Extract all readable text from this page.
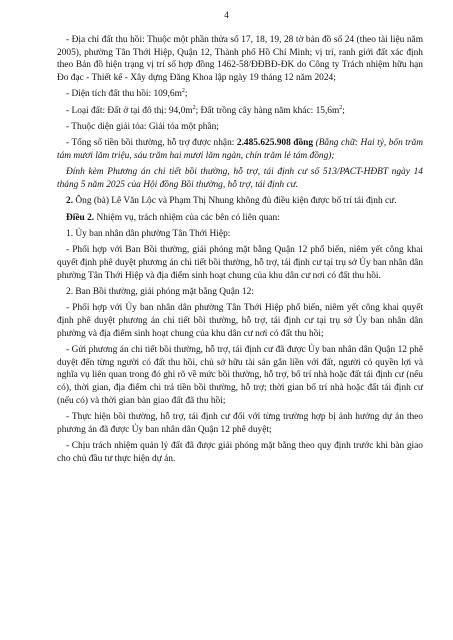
4

- Địa chỉ đất thu hồi: Thuộc một phần thửa số 17, 18, 19, 28 tờ bản đồ số 24 (theo tài liệu năm 2005), phường Tân Thới Hiệp, Quận 12, Thành phố Hồ Chí Minh; vị trí, ranh giới đất xác định theo Bản đồ hiện trạng vị trí số hợp đồng 1462-58/ĐĐBĐ-ĐK do Công ty Trách nhiệm hữu hạn Đo đạc - Thiết kế - Xây dựng Đăng Khoa lập ngày 19 tháng 12 năm 2024;

- Diện tích đất thu hồi: $109,6m^2$;

- Loại đất: Đất ở tại đô thị: $94,0m^2$; Đất trồng cây hàng năm khác: $15,6m^2$;

- Thuộc diện giải tỏa: Giải tỏa một phần;

- Tổng số tiền bồi thường, hỗ trợ được nhận: 2.485.625.908 đồng (Bằng chữ: Hai tỷ, bốn trăm tám mươi lăm triệu, sáu trăm hai mươi lăm ngàn, chín trăm lẻ tám đồng);

Đính kèm Phương án chi tiết bồi thường, hỗ trợ, tái định cư số 513/PACT-HĐBT ngày 14 tháng 5 năm 2025 của Hội đồng Bồi thường, hỗ trợ, tái định cư.

2. Ông (bà) Lê Văn Lộc và Phạm Thị Nhung không đủ điều kiện được bố trí tái định cư.

Điều 2. Nhiệm vụ, trách nhiệm của các bên có liên quan:

1. Ủy ban nhân dân phường Tân Thới Hiệp:

- Phối hợp với Ban Bồi thường, giải phóng mặt bằng Quận 12 phổ biến, niêm yết công khai quyết định phê duyệt phương án chi tiết bồi thường, hỗ trợ, tái định cư tại trụ sở Ủy ban nhân dân phường Tân Thới Hiệp và địa điểm sinh hoạt chung của khu dân cư nơi có đất thu hồi.

2. Ban Bồi thường, giải phóng mặt bằng Quận 12:

- Phối hợp với Ủy ban nhân dân phường Tân Thới Hiệp phổ biến, niêm yết công khai quyết định phê duyệt phương án chi tiết bồi thường, hỗ trợ, tái định cư tại trụ sở Ủy ban nhân dân phường và địa điểm sinh hoạt chung của khu dân cư nơi có đất thu hồi;

- Gửi phương án chi tiết bồi thường, hỗ trợ, tái định cư đã được Ủy ban nhân dân Quận 12 phê duyệt đến từng người có đất thu hồi, chủ sở hữu tài sản gắn liền với đất, người có quyền lợi và nghĩa vụ liên quan trong đó ghi rõ về mức bồi thường, hỗ trợ, bố trí nhà hoặc đất tái định cư (nếu có), thời gian, địa điểm chi trả tiền bồi thường, hỗ trợ; thời gian bố trí nhà hoặc đất tái định cư (nếu có) và thời gian bàn giao đất đã thu hồi;

- Thực hiện bồi thường, hỗ trợ, tái định cư đối với từng trường hợp bị ảnh hưởng dự án theo phương án đã được Ủy ban nhân dân Quận 12 phê duyệt;

- Chịu trách nhiệm quản lý đất đã được giải phóng mặt bằng theo quy định trước khi bàn giao cho chủ đầu tư thực hiện dự án.
